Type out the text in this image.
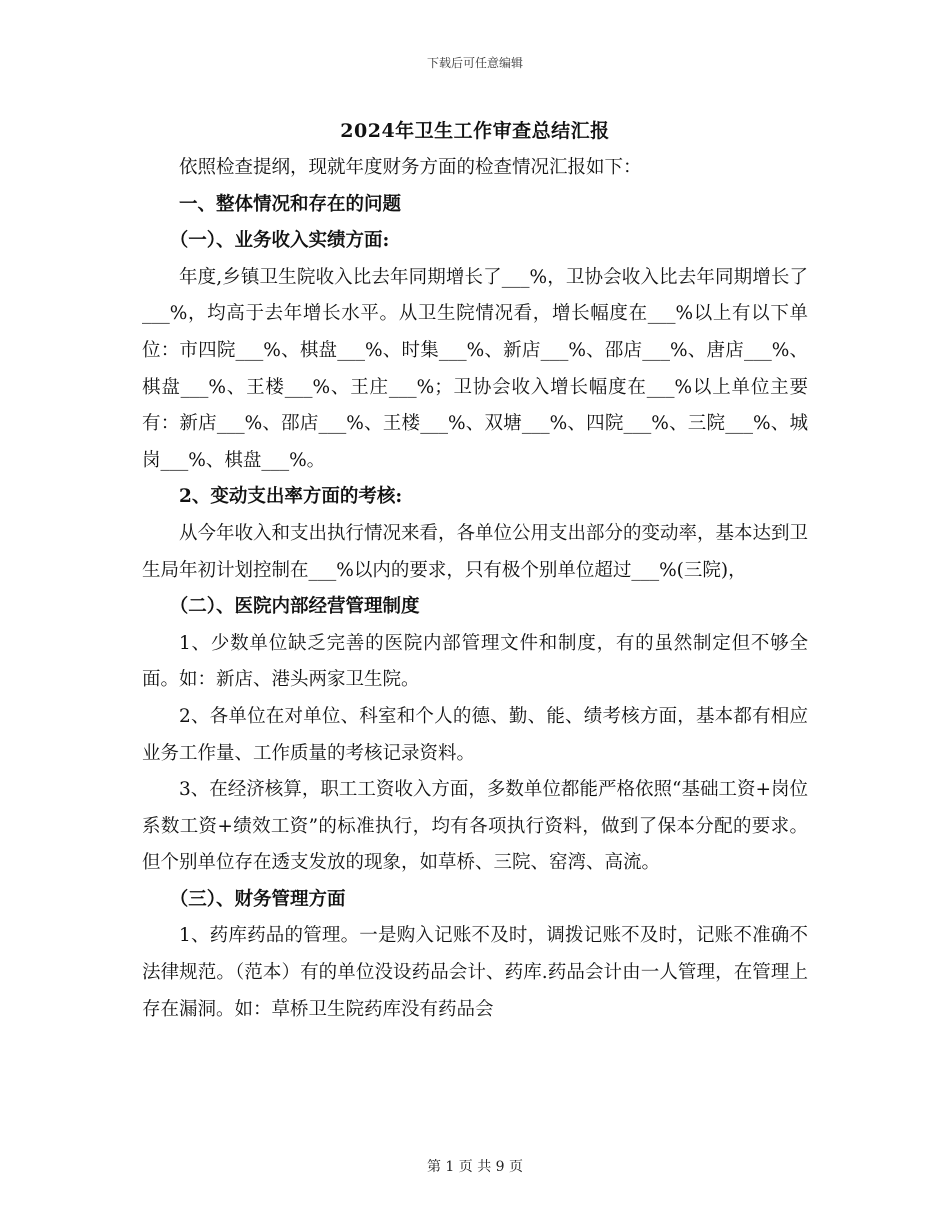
下载后可任意编辑
2024年卫生工作审查总结汇报

依照检查提纲，现就年度财务方面的检查情况汇报如下：

一、整体情况和存在的问题

（一）、业务收入实绩方面:

年度,乡镇卫生院收入比去年同期增长了___%，卫协会收入比去年同期增长了___%，均高于去年增长水平。从卫生院情况看，增长幅度在___%以上有以下单位：市四院___%、棋盘___%、时集___%、新店___%、邵店___%、唐店___%、棋盘___%、王楼___%、王庄___%；卫协会收入增长幅度在___%以上单位主要有：新店___%、邵店___%、王楼___%、双塘___%、四院___%、三院___%、城岗___%、棋盘___%。

2、变动支出率方面的考核:

从今年收入和支出执行情况来看，各单位公用支出部分的变动率，基本达到卫生局年初计划控制在___%以内的要求，只有极个别单位超过___%(三院)，

（二）、医院内部经营管理制度

1、少数单位缺乏完善的医院内部管理文件和制度，有的虽然制定但不够全面。如：新店、港头两家卫生院。

2、各单位在对单位、科室和个人的德、勤、能、绩考核方面，基本都有相应业务工作量、工作质量的考核记录资料。

3、在经济核算，职工工资收入方面，多数单位都能严格依照“基础工资+岗位系数工资+绩效工资”的标准执行，均有各项执行资料，做到了保本分配的要求。但个别单位存在透支发放的现象，如草桥、三院、窑湾、高流。

（三）、财务管理方面

1、药库药品的管理。一是购入记账不及时，调拨记账不及时，记账不准确不法律规范。（范本）有的单位没设药品会计、药库.药品会计由一人管理，在管理上存在漏洞。如：草桥卫生院药库没有药品会

第 1 页 共 9 页
